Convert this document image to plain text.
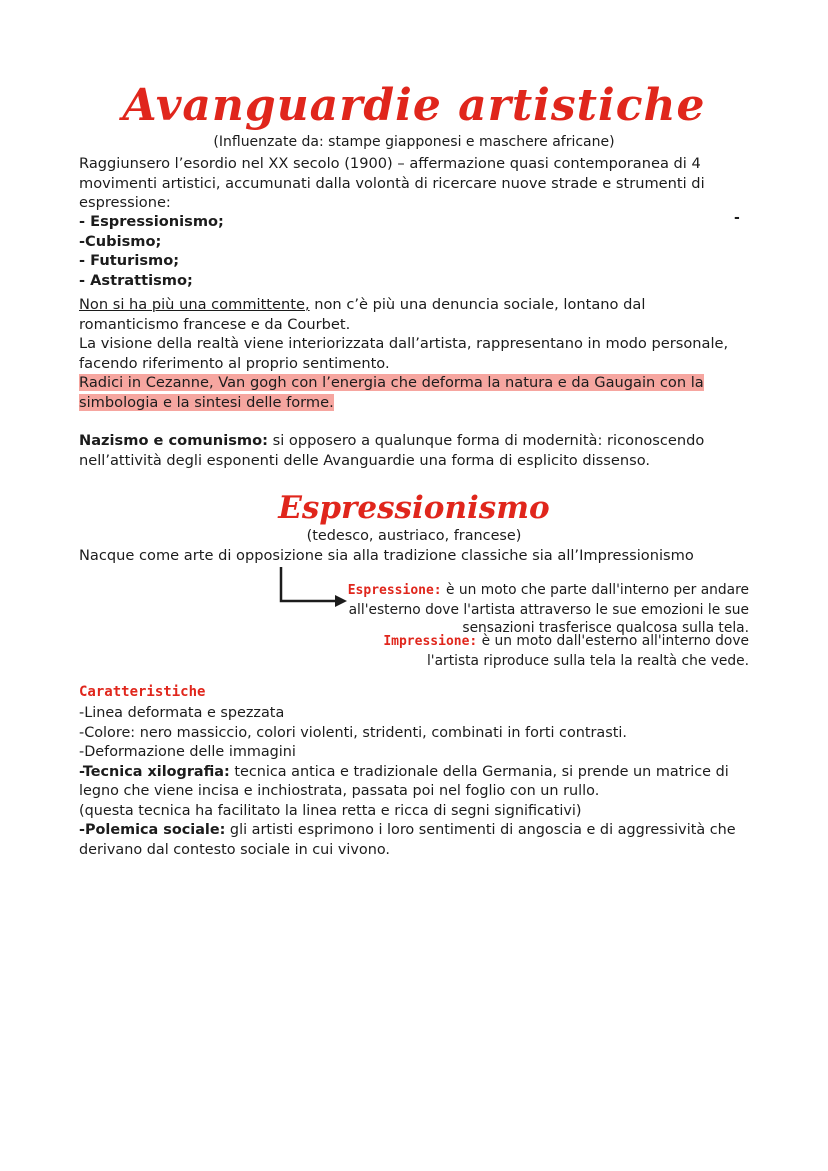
Avanguardie artistiche
(Influenzate da: stampe giapponesi e maschere africane)

Raggiunsero l’esordio nel XX secolo (1900) – affermazione quasi contemporanea di 4 movimenti artistici, accumunati dalla volontà di ricercare nuove strade e strumenti di espressione:

- Espressionismo;
-Cubismo;
- Futurismo;
- Astrattismo;
-

Non si ha più una committente, non c’è più una denuncia sociale, lontano dal romanticismo francese e da Courbet.

La visione della realtà viene interiorizzata dall’artista, rappresentano in modo personale, facendo riferimento al proprio sentimento.

Radici in Cezanne, Van gogh con l’energia che deforma la natura e da Gaugain con la simbologia e la sintesi delle forme.

Nazismo e comunismo: si opposero a qualunque forma di modernità: riconoscendo nell’attività degli esponenti delle Avanguardie una forma di esplicito dissenso.

Espressionismo
(tedesco, austriaco, francese)

Nacque come arte di opposizione sia alla tradizione classiche sia all’Impressionismo

Espressione: è un moto che parte dall'interno per andare all'esterno dove l'artista attraverso le sue emozioni le sue sensazioni trasferisce qualcosa sulla tela.

Impressione: è un moto dall'esterno all'interno dove l'artista riproduce sulla tela la realtà che vede.

Caratteristiche
-Linea deformata e spezzata
-Colore: nero massiccio, colori violenti, stridenti, combinati in forti contrasti.
-Deformazione delle immagini
-Tecnica xilografia: tecnica antica e tradizionale della Germania, si prende un matrice di legno che viene incisa e inchiostrata, passata poi nel foglio con un rullo.
(questa tecnica ha facilitato la linea retta e ricca di segni significativi)
-Polemica sociale: gli artisti esprimono i loro sentimenti di angoscia e di aggressività che derivano dal contesto sociale in cui vivono.
